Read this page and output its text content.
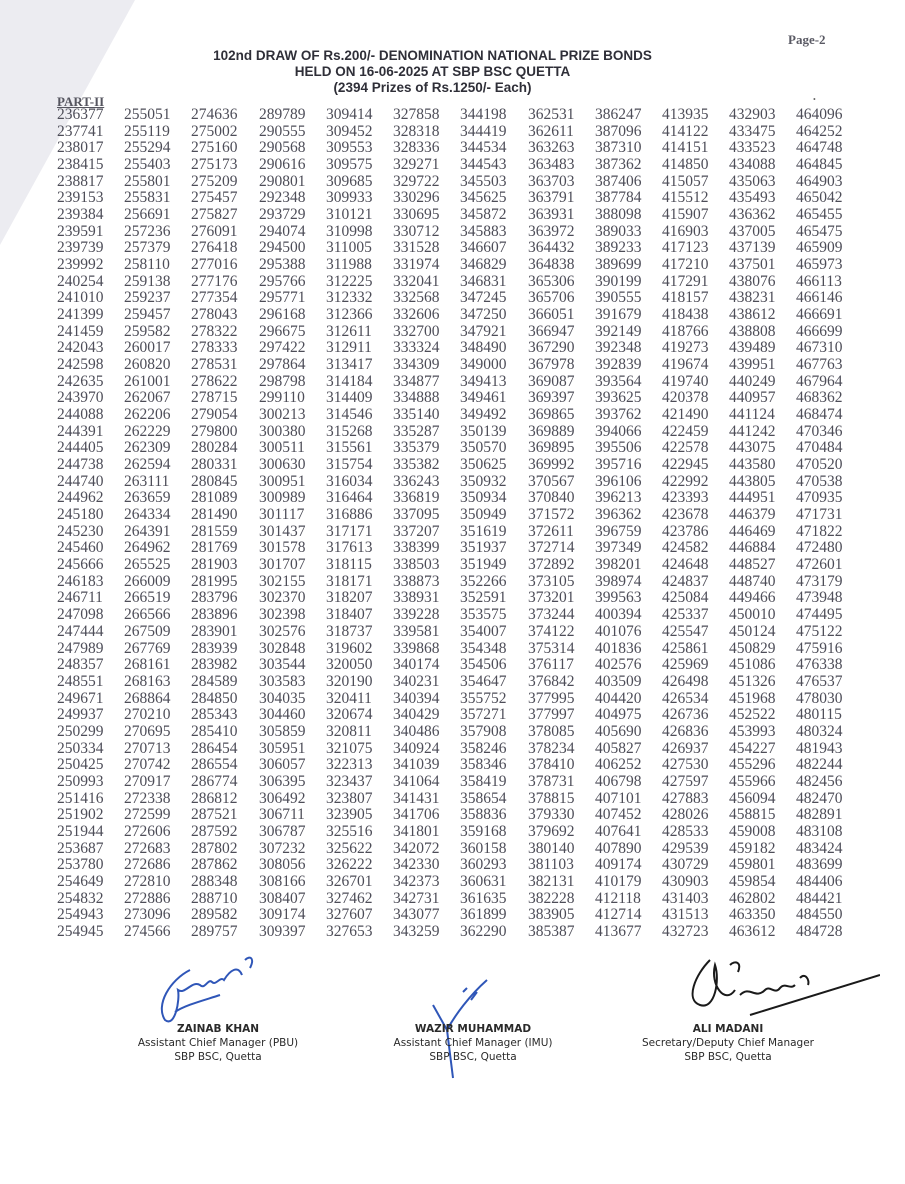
Page-2
102nd DRAW OF Rs.200/- DENOMINATION NATIONAL PRIZE BONDS
HELD ON 16-06-2025 AT SBP BSC QUETTA
(2394 Prizes of Rs.1250/- Each)
PART-II	•
236377	255051	274636	289789	309414	327858	344198	362531	386247	413935	432903	464096
237741	255119	275002	290555	309452	328318	344419	362611	387096	414122	433475	464252
238017	255294	275160	290568	309553	328336	344534	363263	387310	414151	433523	464748
238415	255403	275173	290616	309575	329271	344543	363483	387362	414850	434088	464845
238817	255801	275209	290801	309685	329722	345503	363703	387406	415057	435063	464903
239153	255831	275457	292348	309933	330296	345625	363791	387784	415512	435493	465042
239384	256691	275827	293729	310121	330695	345872	363931	388098	415907	436362	465455
239591	257236	276091	294074	310998	330712	345883	363972	389033	416903	437005	465475
239739	257379	276418	294500	311005	331528	346607	364432	389233	417123	437139	465909
239992	258110	277016	295388	311988	331974	346829	364838	389699	417210	437501	465973
240254	259138	277176	295766	312225	332041	346831	365306	390199	417291	438076	466113
241010	259237	277354	295771	312332	332568	347245	365706	390555	418157	438231	466146
241399	259457	278043	296168	312366	332606	347250	366051	391679	418438	438612	466691
241459	259582	278322	296675	312611	332700	347921	366947	392149	418766	438808	466699
242043	260017	278333	297422	312911	333324	348490	367290	392348	419273	439489	467310
242598	260820	278531	297864	313417	334309	349000	367978	392839	419674	439951	467763
242635	261001	278622	298798	314184	334877	349413	369087	393564	419740	440249	467964
243970	262067	278715	299110	314409	334888	349461	369397	393625	420378	440957	468362
244088	262206	279054	300213	314546	335140	349492	369865	393762	421490	441124	468474
244391	262229	279800	300380	315268	335287	350139	369889	394066	422459	441242	470346
244405	262309	280284	300511	315561	335379	350570	369895	395506	422578	443075	470484
244738	262594	280331	300630	315754	335382	350625	369992	395716	422945	443580	470520
244740	263111	280845	300951	316034	336243	350932	370567	396106	422992	443805	470538
244962	263659	281089	300989	316464	336819	350934	370840	396213	423393	444951	470935
245180	264334	281490	301117	316886	337095	350949	371572	396362	423678	446379	471731
245230	264391	281559	301437	317171	337207	351619	372611	396759	423786	446469	471822
245460	264962	281769	301578	317613	338399	351937	372714	397349	424582	446884	472480
245666	265525	281903	301707	318115	338503	351949	372892	398201	424648	448527	472601
246183	266009	281995	302155	318171	338873	352266	373105	398974	424837	448740	473179
246711	266519	283796	302370	318207	338931	352591	373201	399563	425084	449466	473948
247098	266566	283896	302398	318407	339228	353575	373244	400394	425337	450010	474495
247444	267509	283901	302576	318737	339581	354007	374122	401076	425547	450124	475122
247989	267769	283939	302848	319602	339868	354348	375314	401836	425861	450829	475916
248357	268161	283982	303544	320050	340174	354506	376117	402576	425969	451086	476338
248551	268163	284589	303583	320190	340231	354647	376842	403509	426498	451326	476537
249671	268864	284850	304035	320411	340394	355752	377995	404420	426534	451968	478030
249937	270210	285343	304460	320674	340429	357271	377997	404975	426736	452522	480115
250299	270695	285410	305859	320811	340486	357908	378085	405690	426836	453993	480324
250334	270713	286454	305951	321075	340924	358246	378234	405827	426937	454227	481943
250425	270742	286554	306057	322313	341039	358346	378410	406252	427530	455296	482244
250993	270917	286774	306395	323437	341064	358419	378731	406798	427597	455966	482456
251416	272338	286812	306492	323807	341431	358654	378815	407101	427883	456094	482470
251902	272599	287521	306711	323905	341706	358836	379330	407452	428026	458815	482891
251944	272606	287592	306787	325516	341801	359168	379692	407641	428533	459008	483108
253687	272683	287802	307232	325622	342072	360158	380140	407890	429539	459182	483424
253780	272686	287862	308056	326222	342330	360293	381103	409174	430729	459801	483699
254649	272810	288348	308166	326701	342373	360631	382131	410179	430903	459854	484406
254832	272886	288710	308407	327462	342731	361635	382228	412118	431403	462802	484421
254943	273096	289582	309174	327607	343077	361899	383905	412714	431513	463350	484550
254945	274566	289757	309397	327653	343259	362290	385387	413677	432723	463612	484728
ZAINAB KHAN
Assistant Chief Manager (PBU)
SBP BSC, Quetta
WAZIR MUHAMMAD
Assistant Chief Manager (IMU)
SBP BSC, Quetta
ALI MADANI
Secretary/Deputy Chief Manager
SBP BSC, Quetta
